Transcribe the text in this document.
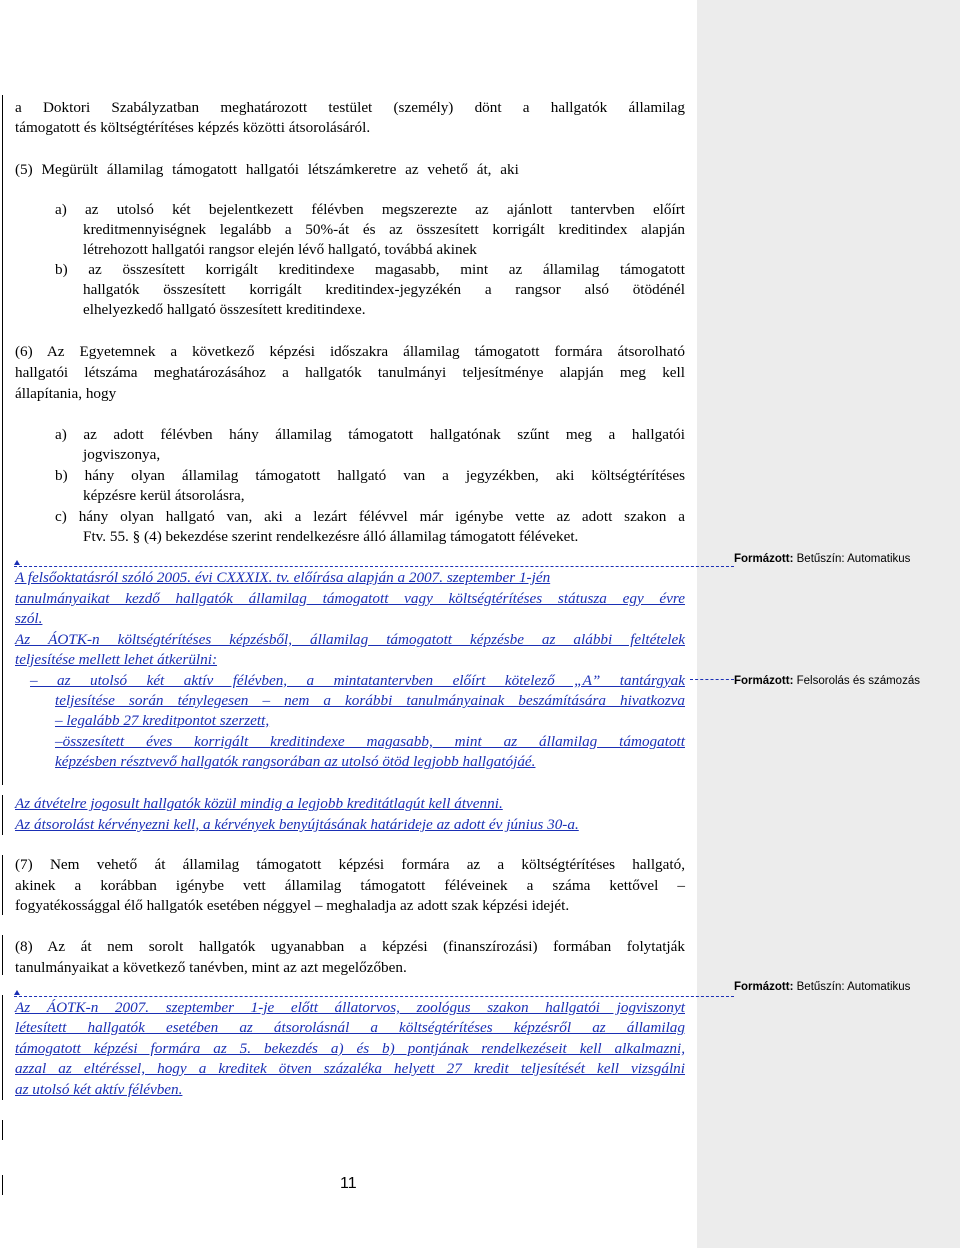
a Doktori Szabályzatban meghatározott testület (személy) dönt a hallgatók államilag
támogatott és költségtérítéses képzés közötti átsorolásáról.
(5) Megürült államilag támogatott hallgatói létszámkeretre az vehető át, aki
a) az utolsó két bejelentkezett félévben megszerezte az ajánlott tantervben előírt
kreditmennyiségnek legalább a 50%-át és az összesített korrigált kreditindex alapján
létrehozott hallgatói rangsor elején lévő hallgató, továbbá akinek
b) az összesített korrigált kreditindexe magasabb, mint az államilag támogatott
hallgatók összesített korrigált kreditindex-jegyzékén a rangsor alsó ötödénél
elhelyezkedő hallgató összesített kreditindexe.
(6) Az Egyetemnek a következő képzési időszakra államilag támogatott formára átsorolható
hallgatói létszáma meghatározásához a hallgatók tanulmányi teljesítménye alapján meg kell
állapítania, hogy
a) az adott félévben hány államilag támogatott hallgatónak szűnt meg a hallgatói
jogviszonya,
b) hány olyan államilag támogatott hallgató van a jegyzékben, aki költségtérítéses
képzésre kerül átsorolásra,
c) hány olyan hallgató van, aki a lezárt félévvel már igénybe vette az adott szakon a
Ftv. 55. § (4) bekezdése szerint rendelkezésre álló államilag támogatott féléveket.
A felsőoktatásról szóló 2005. évi CXXXIX. tv. előírása alapján a 2007. szeptember 1-jén
tanulmányaikat kezdő hallgatók államilag támogatott vagy költségtérítéses státusza egy évre
szól.
Az ÁOTK-n költségtérítéses képzésből, államilag támogatott képzésbe az alábbi feltételek
teljesítése mellett lehet átkerülni:
– az utolsó két aktív félévben, a mintatantervben előírt kötelező „A” tantárgyak
teljesítése során ténylegesen – nem a korábbi tanulmányainak beszámítására hivatkozva
– legalább 27 kreditpontot szerzett,
–összesített éves korrigált kreditindexe magasabb, mint az államilag támogatott
képzésben résztvevő hallgatók rangsorában az utolsó ötöd legjobb hallgatójáé.
Az átvételre jogosult hallgatók közül mindig a legjobb kreditátlagút kell átvenni.
Az átsorolást kérvényezni kell, a kérvények benyújtásának határideje az adott év június 30-a.
(7) Nem vehető át államilag támogatott képzési formára az a költségtérítéses hallgató,
akinek a korábban igénybe vett államilag támogatott féléveinek a száma kettővel –
fogyatékossággal élő hallgatók esetében néggyel – meghaladja az adott szak képzési idejét.
(8) Az át nem sorolt hallgatók ugyanabban a képzési (finanszírozási) formában folytatják
tanulmányaikat a következő tanévben, mint az azt megelőzőben.
Az ÁOTK-n 2007. szeptember 1-je előtt állatorvos, zoológus szakon hallgatói jogviszonyt
létesített hallgatók esetében az átsorolásnál a költségtérítéses képzésről az államilag
támogatott képzési formára az 5. bekezdés a) és b) pontjának rendelkezéseit kell alkalmazni,
azzal az eltéréssel, hogy a kreditek ötven százaléka helyett 27 kredit teljesítését kell vizsgálni
az utolsó két aktív félévben.
11
Formázott: Betűszín: Automatikus
Formázott: Felsorolás és számozás
Formázott: Betűszín: Automatikus
